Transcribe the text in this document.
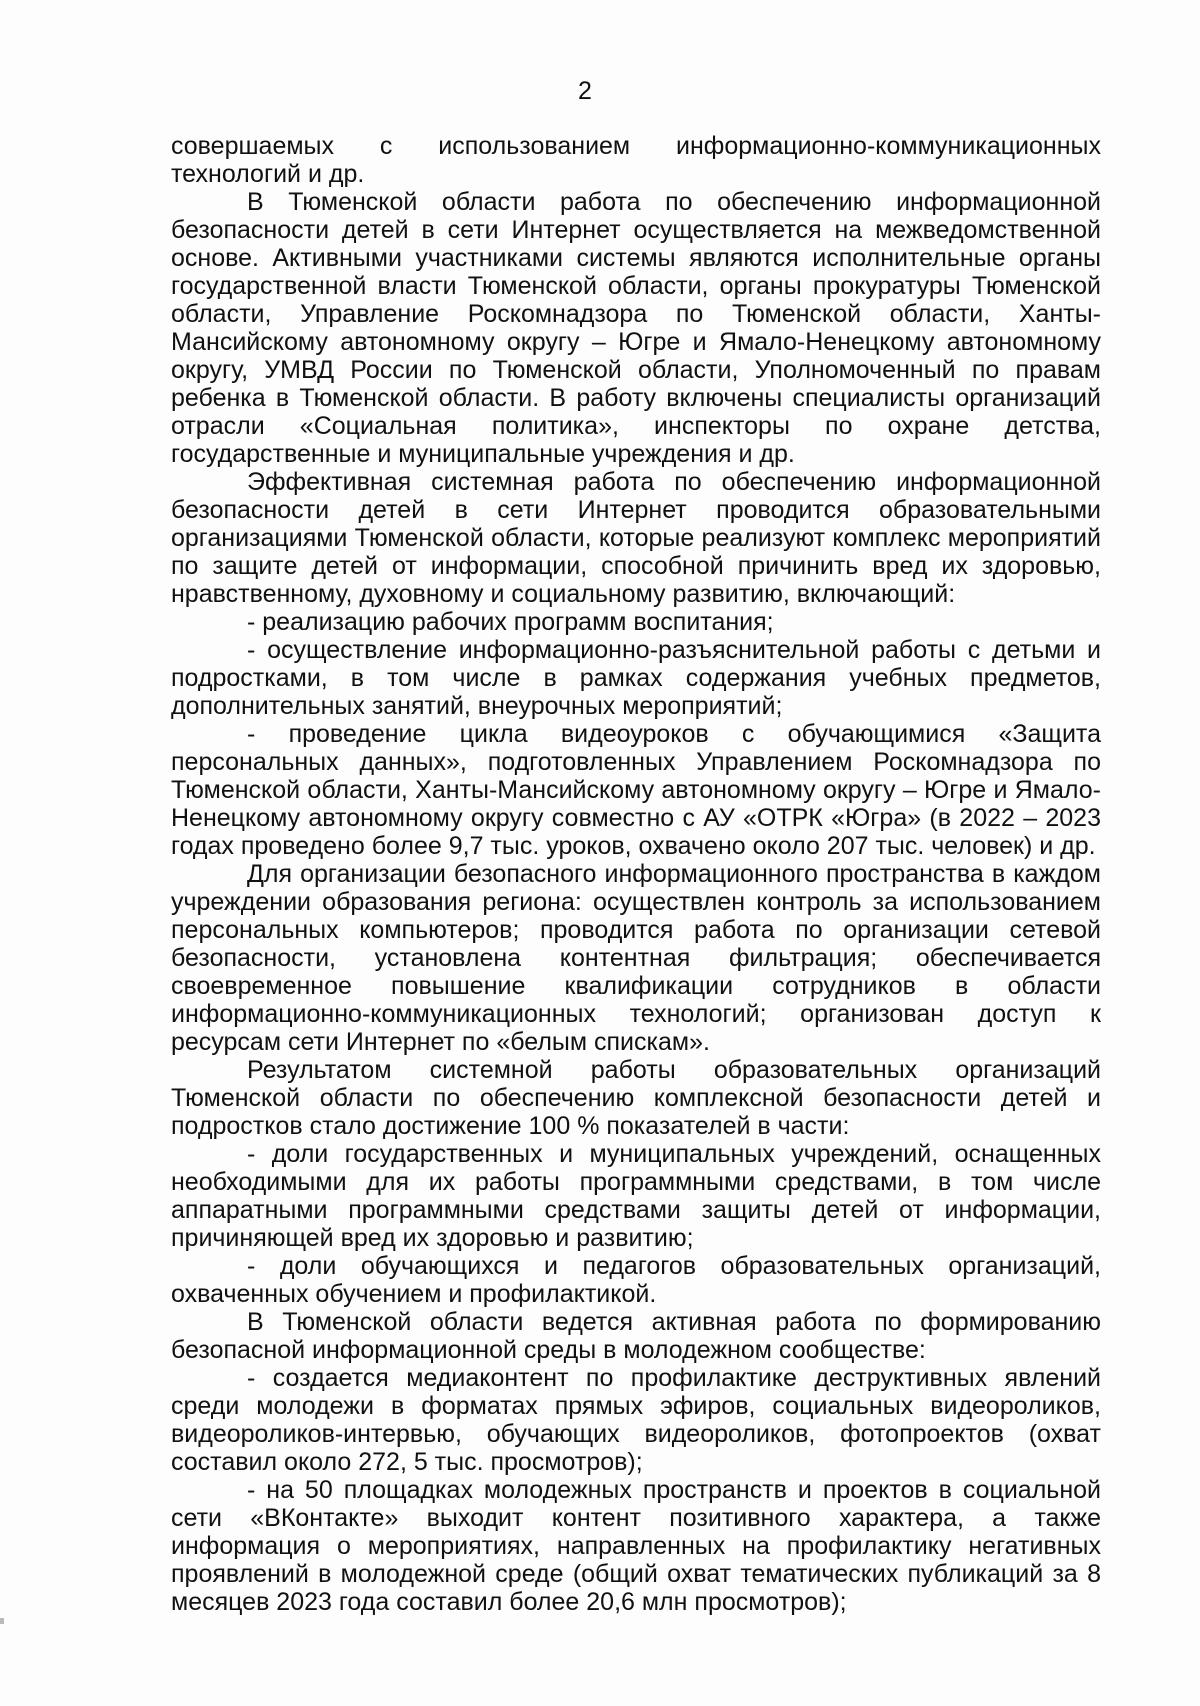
2

совершаемых с использованием информационно-коммуникационных технологий и др.

В Тюменской области работа по обеспечению информационной безопасности детей в сети Интернет осуществляется на межведомственной основе. Активными участниками системы являются исполнительные органы государственной власти Тюменской области, органы прокуратуры Тюменской области, Управление Роскомнадзора по Тюменской области, Ханты-Мансийскому автономному округу – Югре и Ямало-Ненецкому автономному округу, УМВД России по Тюменской области, Уполномоченный по правам ребенка в Тюменской области. В работу включены специалисты организаций отрасли «Социальная политика», инспекторы по охране детства, государственные и муниципальные учреждения и др.

Эффективная системная работа по обеспечению информационной безопасности детей в сети Интернет проводится образовательными организациями Тюменской области, которые реализуют комплекс мероприятий по защите детей от информации, способной причинить вред их здоровью, нравственному, духовному и социальному развитию, включающий:

- реализацию рабочих программ воспитания;

- осуществление информационно-разъяснительной работы с детьми и подростками, в том числе в рамках содержания учебных предметов, дополнительных занятий, внеурочных мероприятий;

- проведение цикла видеоуроков с обучающимися «Защита персональных данных», подготовленных Управлением Роскомнадзора по Тюменской области, Ханты-Мансийскому автономному округу – Югре и Ямало-Ненецкому автономному округу совместно с АУ «ОТРК «Югра» (в 2022 – 2023 годах проведено более 9,7 тыс. уроков, охвачено около 207 тыс. человек) и др.

Для организации безопасного информационного пространства в каждом учреждении образования региона: осуществлен контроль за использованием персональных компьютеров; проводится работа по организации сетевой безопасности, установлена контентная фильтрация; обеспечивается своевременное повышение квалификации сотрудников в области информационно-коммуникационных технологий; организован доступ к ресурсам сети Интернет по «белым спискам».

Результатом системной работы образовательных организаций Тюменской области по обеспечению комплексной безопасности детей и подростков стало достижение 100 % показателей в части:

- доли государственных и муниципальных учреждений, оснащенных необходимыми для их работы программными средствами, в том числе аппаратными программными средствами защиты детей от информации, причиняющей вред их здоровью и развитию;

- доли обучающихся и педагогов образовательных организаций, охваченных обучением и профилактикой.

В Тюменской области ведется активная работа по формированию безопасной информационной среды в молодежном сообществе:

- создается медиаконтент по профилактике деструктивных явлений среди молодежи в форматах прямых эфиров, социальных видеороликов, видеороликов-интервью, обучающих видеороликов, фотопроектов (охват составил около 272, 5 тыс. просмотров);

- на 50 площадках молодежных пространств и проектов в социальной сети «ВКонтакте» выходит контент позитивного характера, а также информация о мероприятиях, направленных на профилактику негативных проявлений в молодежной среде (общий охват тематических публикаций за 8 месяцев 2023 года составил более 20,6 млн просмотров);
